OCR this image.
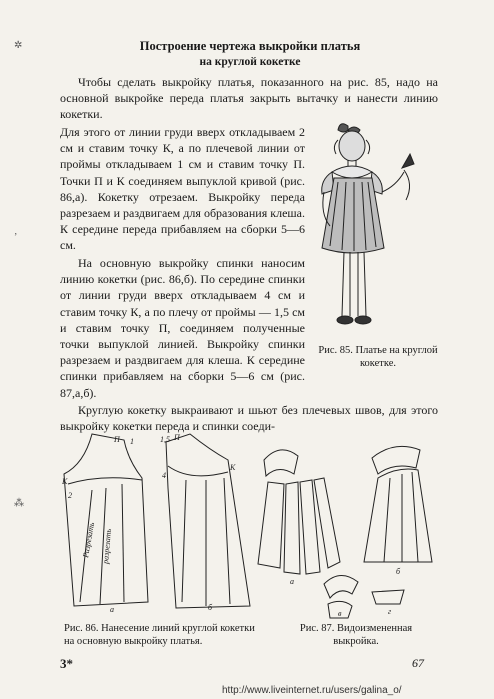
✲
ʼ
⁂
Построение чертежа выкройки платья
на круглой кокетке
Чтобы сделать выкройку платья, показанного на рис. 85, надо на основной выкройке переда платья закрыть вытачку и нанести линию кокетки.
Для этого от линии груди вверх откладываем 2 см и ставим точку К, а по плечевой линии от проймы откладываем 1 см и ставим точку П. Точки П и К соединяем выпуклой кривой (рис. 86,а). Кокетку отрезаем. Выкройку переда разрезаем и раздвигаем для образования клеша. К середине переда прибавляем на сборки 5—6 см.
На основную выкройку спинки наносим линию кокетки (рис. 86,б). По середине спинки от линии груди вверх откладываем 4 см и ставим точку К, а по плечу от проймы — 1,5 см и ставим точку П, соединяем полученные точки выпуклой линией. Выкройку спинки разрезаем и раздвигаем для клеша. К середине спинки прибавляем на сборки 5—6 см (рис. 87,а,б).
Рис. 85. Платье на круглой кокетке.
Круглую кокетку выкраивают и шьют без плечевых швов, для этого выкройку кокетки переда и спинки соеди-
П 1
К
2
Разрезать разрезать
а
1,5 П
4
К
б
а
б
в	г
Рис. 86. Нанесение линий круглой кокетки на основную выкройку платья.
Рис. 87. Видоизмененная выкройка.
3*	67
http://www.liveinternet.ru/users/galina_o/
